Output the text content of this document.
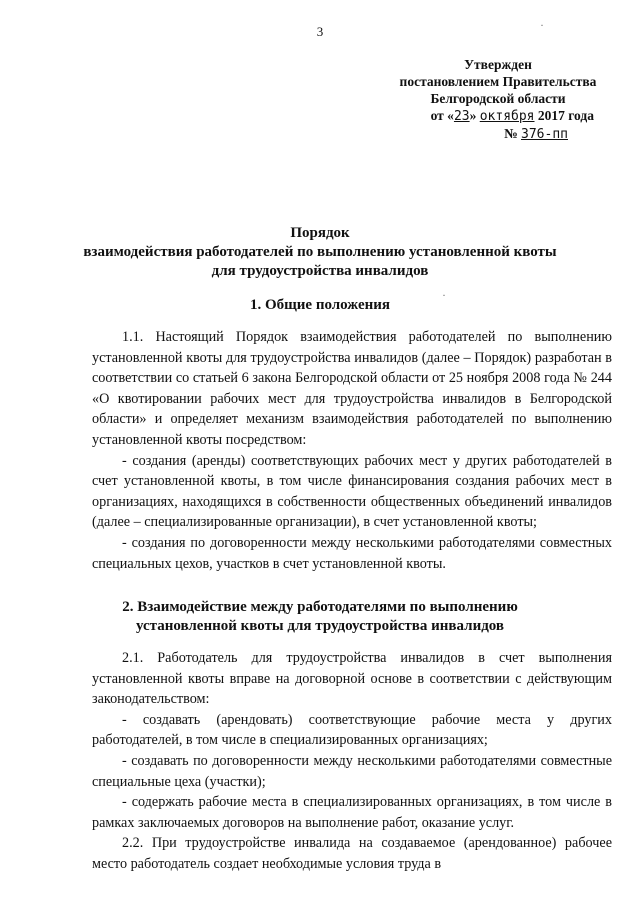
3
Утвержден
постановлением Правительства
Белгородской области
от «23» октября 2017 года
№ 376-пп
Порядок
взаимодействия работодателей по выполнению установленной квоты
для трудоустройства инвалидов
1. Общие положения

1.1. Настоящий Порядок взаимодействия работодателей по выполнению установленной квоты для трудоустройства инвалидов (далее – Порядок) разработан в соответствии со статьей 6 закона Белгородской области от 25 ноября 2008 года № 244 «О квотировании рабочих мест для трудоустройства инвалидов в Белгородской области» и определяет механизм взаимодействия работодателей по выполнению установленной квоты посредством:

- создания (аренды) соответствующих рабочих мест у других работодателей в счет установленной квоты, в том числе финансирования создания рабочих мест в организациях, находящихся в собственности общественных объединений инвалидов (далее – специализированные организации), в счет установленной квоты;

- создания по договоренности между несколькими работодателями совместных специальных цехов, участков в счет установленной квоты.

2. Взаимодействие между работодателями по выполнению
установленной квоты для трудоустройства инвалидов

2.1. Работодатель для трудоустройства инвалидов в счет выполнения установленной квоты вправе на договорной основе в соответствии с действующим законодательством:

- создавать (арендовать) соответствующие рабочие места у других работодателей, в том числе в специализированных организациях;

- создавать по договоренности между несколькими работодателями совместные специальные цеха (участки);

- содержать рабочие места в специализированных организациях, в том числе в рамках заключаемых договоров на выполнение работ, оказание услуг.

2.2. При трудоустройстве инвалида на создаваемое (арендованное) рабочее место работодатель создает необходимые условия труда в

·
·
